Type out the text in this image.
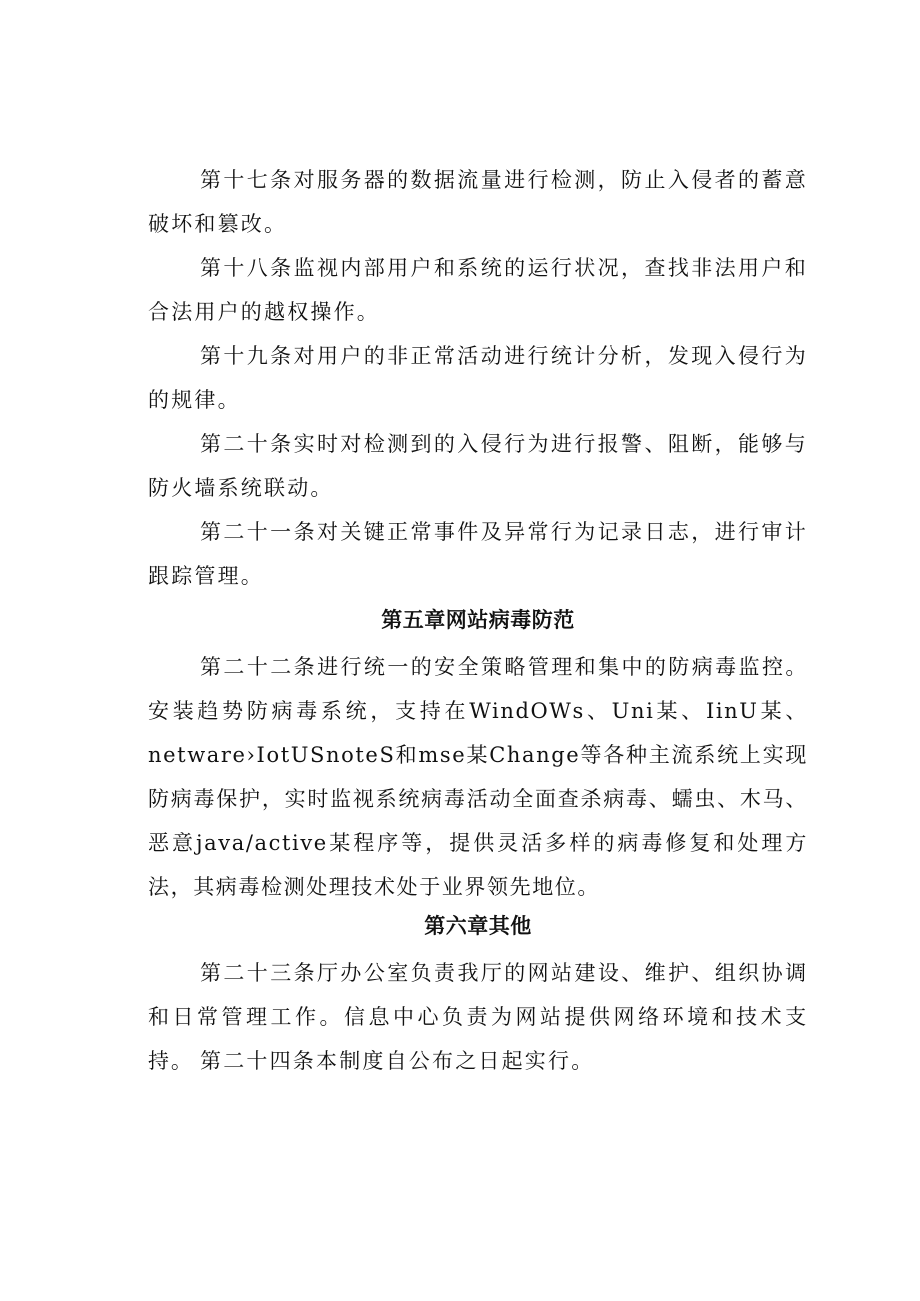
第十七条对服务器的数据流量进行检测，防止入侵者的蓄意破坏和篡改。

第十八条监视内部用户和系统的运行状况，查找非法用户和合法用户的越权操作。

第十九条对用户的非正常活动进行统计分析，发现入侵行为的规律。

第二十条实时对检测到的入侵行为进行报警、阻断，能够与防火墙系统联动。

第二十一条对关键正常事件及异常行为记录日志，进行审计跟踪管理。

第五章网站病毒防范

第二十二条进行统一的安全策略管理和集中的防病毒监控。安装趋势防病毒系统，支持在WindOWs、Uni某、IinU某、netware›IotUSnoteS和mse某Change等各种主流系统上实现防病毒保护，实时监视系统病毒活动全面查杀病毒、蠕虫、木马、恶意java/active某程序等，提供灵活多样的病毒修复和处理方法，其病毒检测处理技术处于业界领先地位。

第六章其他

第二十三条厅办公室负责我厅的网站建设、维护、组织协调和日常管理工作。信息中心负责为网站提供网络环境和技术支持。 第二十四条本制度自公布之日起实行。
